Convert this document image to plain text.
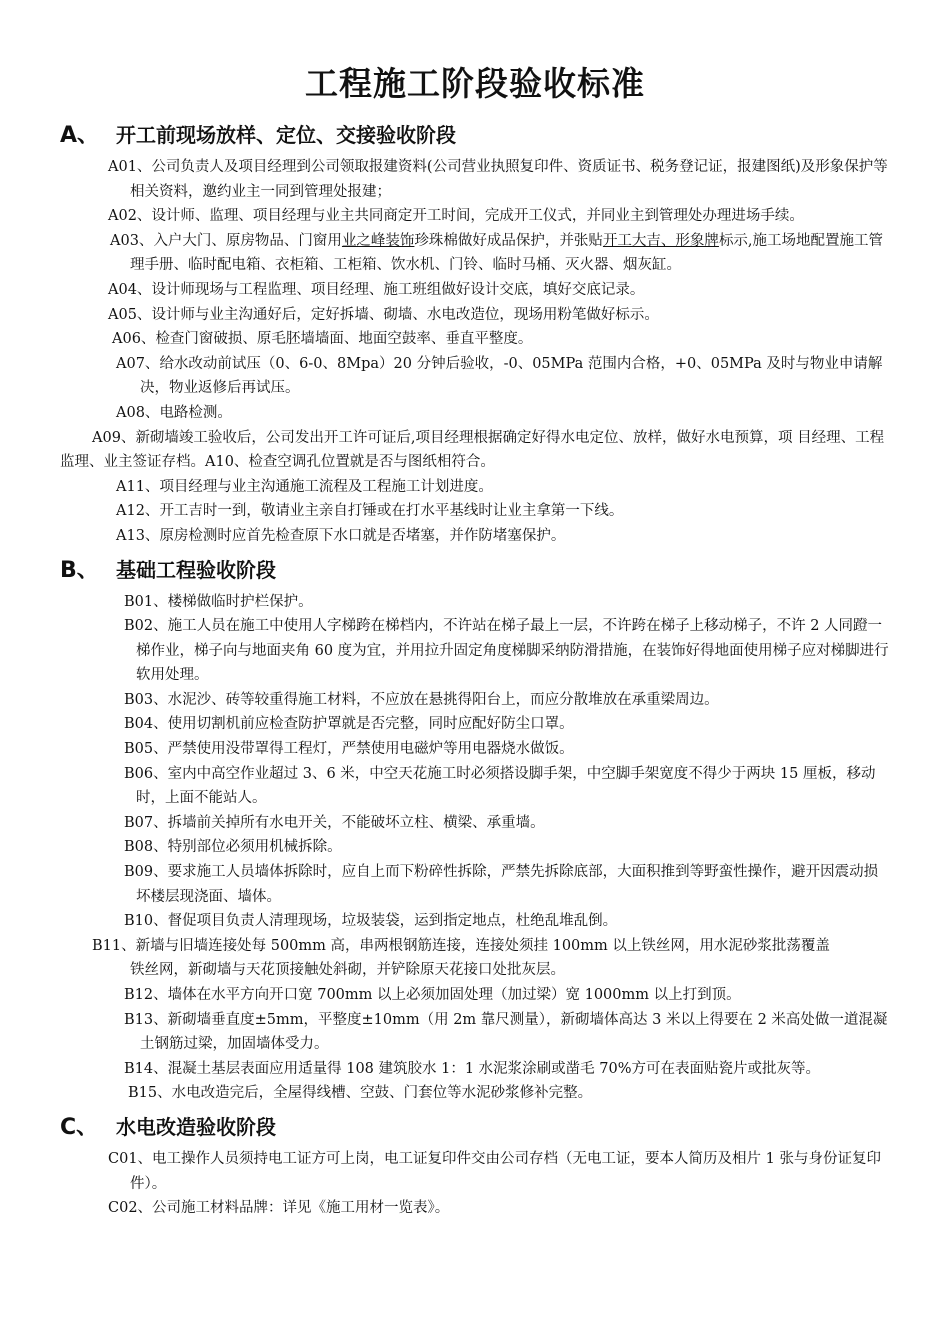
工程施工阶段验收标准
A、 开工前现场放样、定位、交接验收阶段
A01、公司负责人及项目经理到公司领取报建资料(公司营业执照复印件、资质证书、税务登记证，报建图纸)及形象保护等相关资料，邀约业主一同到管理处报建；
A02、设计师、监理、项目经理与业主共同商定开工时间，完成开工仪式，并同业主到管理处办理进场手续。
A03、入户大门、原房物品、门窗用业之峰装饰珍珠棉做好成品保护，并张贴开工大吉、形象牌标示,施工场地配置施工管理手册、临时配电箱、衣柜箱、工柜箱、饮水机、门铃、临时马桶、灭火器、烟灰缸。
A04、设计师现场与工程监理、项目经理、施工班组做好设计交底，填好交底记录。
A05、设计师与业主沟通好后，定好拆墙、砌墙、水电改造位，现场用粉笔做好标示。
A06、检查门窗破损、原毛胚墙墙面、地面空鼓率、垂直平整度。
A07、给水改动前试压（0、6-0、8Mpa）20 分钟后验收，-0、05MPa 范围内合格，+0、05MPa 及时与物业申请解决，物业返修后再试压。
A08、电路检测。
A09、新砌墙竣工验收后，公司发出开工许可证后,项目经理根据确定好得水电定位、放样，做好水电预算，项 目经理、工程监理、业主签证存档。A10、检查空调孔位置就是否与图纸相符合。
A11、项目经理与业主沟通施工流程及工程施工计划进度。
A12、开工吉时一到，敬请业主亲自打锤或在打水平基线时让业主拿第一下线。
A13、原房检测时应首先检查原下水口就是否堵塞，并作防堵塞保护。
B、 基础工程验收阶段
B01、楼梯做临时护栏保护。
B02、施工人员在施工中使用人字梯跨在梯档内，不许站在梯子最上一层，不许跨在梯子上移动梯子，不许 2 人同蹬一梯作业，梯子向与地面夹角 60 度为宜，并用拉升固定角度梯脚采纳防滑措施，在装饰好得地面使用梯子应对梯脚进行软用处理。
B03、水泥沙、砖等较重得施工材料，不应放在悬挑得阳台上，而应分散堆放在承重梁周边。
B04、使用切割机前应检查防护罩就是否完整，同时应配好防尘口罩。
B05、严禁使用没带罩得工程灯，严禁使用电磁炉等用电器烧水做饭。
B06、室内中高空作业超过 3、6 米，中空天花施工时必须搭设脚手架，中空脚手架宽度不得少于两块 15 厘板，移动时，上面不能站人。
B07、拆墙前关掉所有水电开关，不能破坏立柱、横梁、承重墙。
B08、特别部位必须用机械拆除。
B09、要求施工人员墙体拆除时，应自上而下粉碎性拆除，严禁先拆除底部，大面积推到等野蛮性操作，避开因震动损坏楼层现浇面、墙体。
B10、督促项目负责人清理现场，垃圾装袋，运到指定地点，杜绝乱堆乱倒。
B11、新墙与旧墙连接处每 500mm 高，串两根钢筋连接，连接处须挂 100mm 以上铁丝网，用水泥砂浆批荡覆盖
铁丝网，新砌墙与天花顶接触处斜砌，并铲除原天花接口处批灰层。
B12、墙体在水平方向开口宽 700mm 以上必须加固处理（加过梁）宽 1000mm 以上打到顶。
B13、新砌墙垂直度±5mm，平整度±10mm（用 2m 靠尺测量），新砌墙体高达 3 米以上得要在 2 米高处做一道混凝土钢筋过梁，加固墙体受力。
B14、混凝土基层表面应用适量得 108 建筑胶水 1：1 水泥浆涂刷或凿毛 70%方可在表面贴瓷片或批灰等。
B15、水电改造完后，全屋得线槽、空鼓、门套位等水泥砂浆修补完整。
C、 水电改造验收阶段
C01、电工操作人员须持电工证方可上岗，电工证复印件交由公司存档（无电工证，要本人简历及相片 1 张与身份证复印件）。
C02、公司施工材料品牌：详见《施工用材一览表》。
